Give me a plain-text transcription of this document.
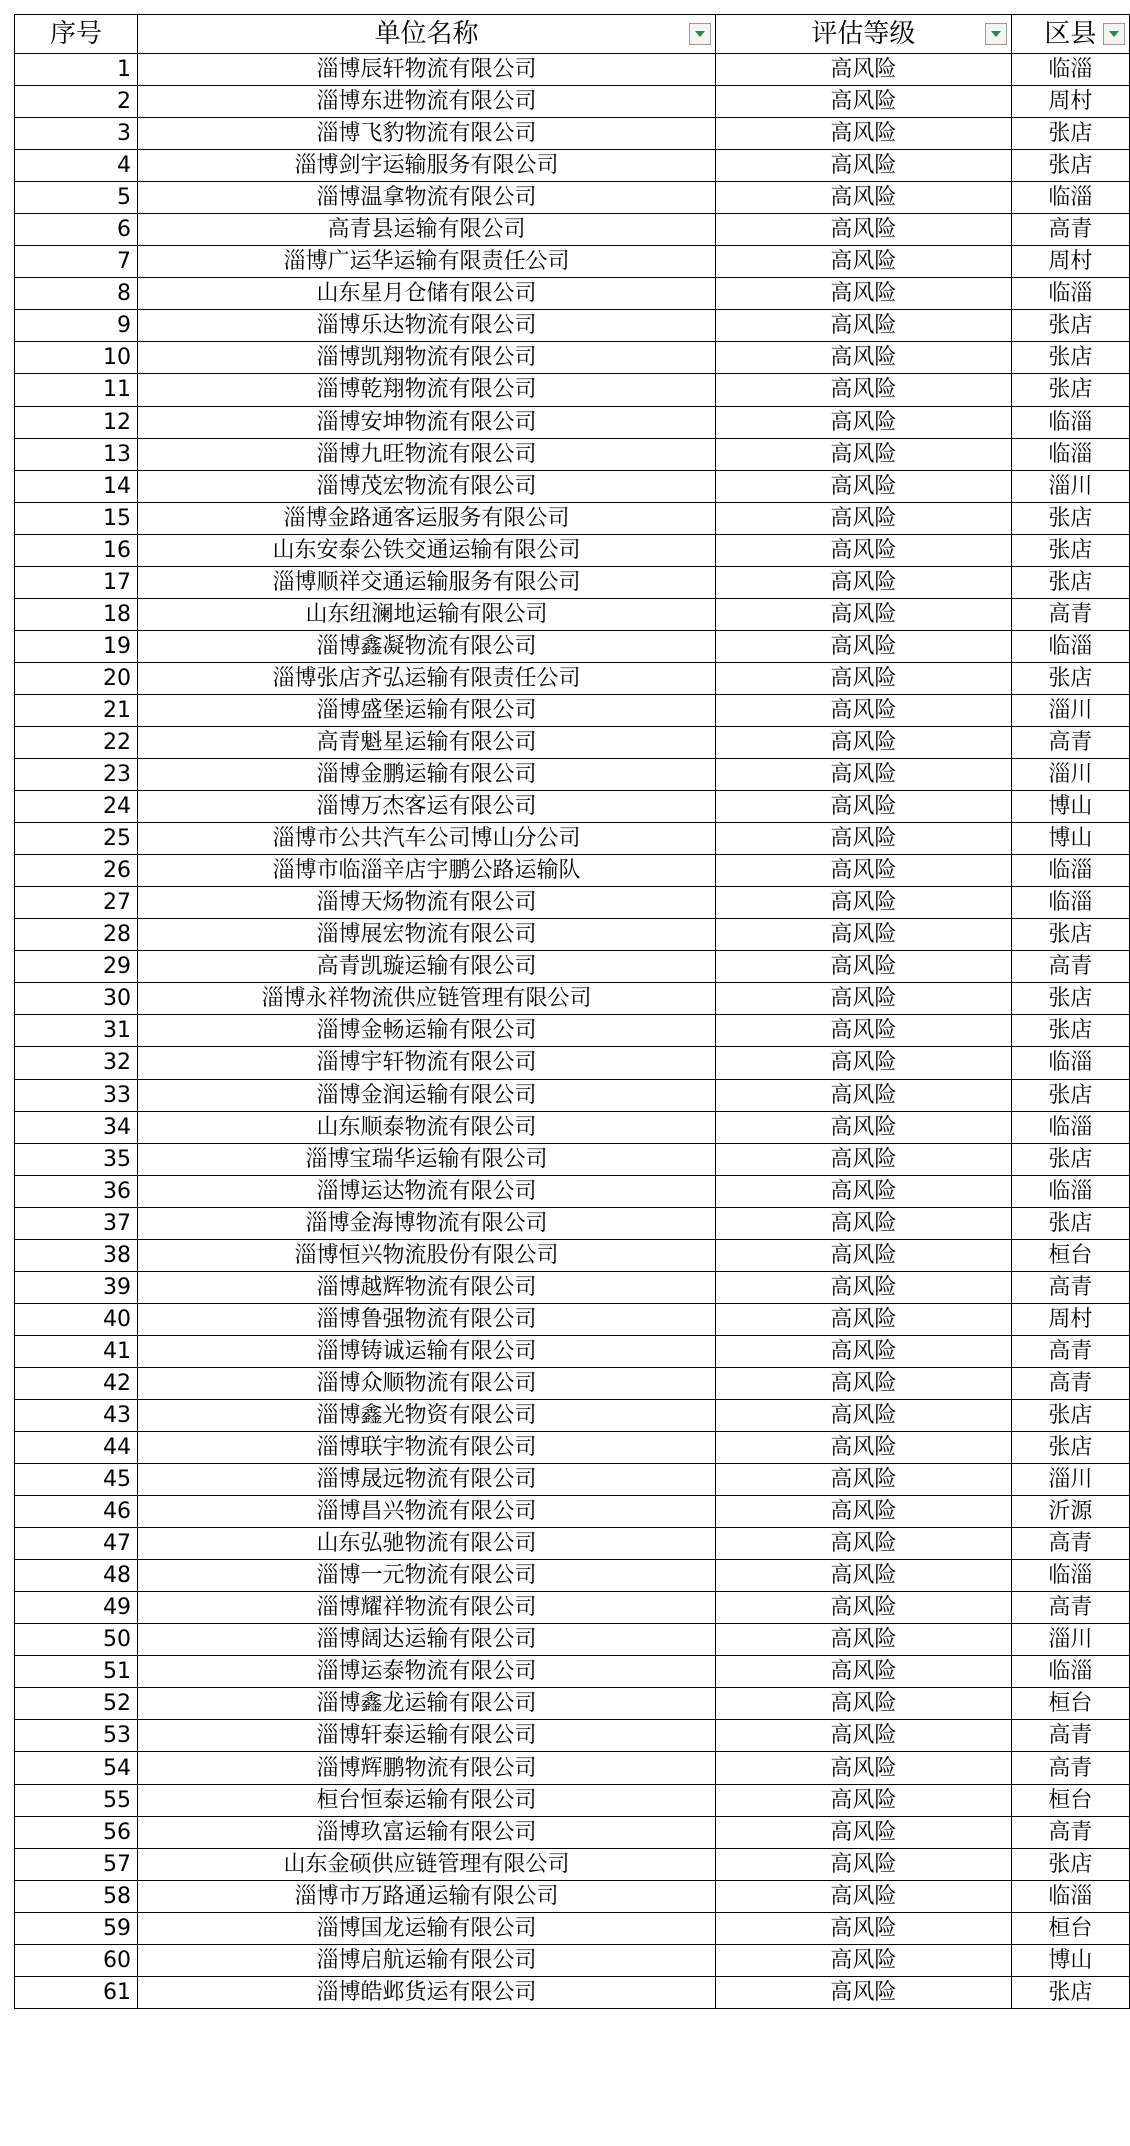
序号	单位名称	评估等级	区县

1	淄博辰轩物流有限公司	高风险	临淄
2	淄博东进物流有限公司	高风险	周村
3	淄博飞豹物流有限公司	高风险	张店
4	淄博剑宇运输服务有限公司	高风险	张店
5	淄博温拿物流有限公司	高风险	临淄
6	高青县运输有限公司	高风险	高青
7	淄博广运华运输有限责任公司	高风险	周村
8	山东星月仓储有限公司	高风险	临淄
9	淄博乐达物流有限公司	高风险	张店
10	淄博凯翔物流有限公司	高风险	张店
11	淄博乾翔物流有限公司	高风险	张店
12	淄博安坤物流有限公司	高风险	临淄
13	淄博九旺物流有限公司	高风险	临淄
14	淄博茂宏物流有限公司	高风险	淄川
15	淄博金路通客运服务有限公司	高风险	张店
16	山东安泰公铁交通运输有限公司	高风险	张店
17	淄博顺祥交通运输服务有限公司	高风险	张店
18	山东纽澜地运输有限公司	高风险	高青
19	淄博鑫凝物流有限公司	高风险	临淄
20	淄博张店齐弘运输有限责任公司	高风险	张店
21	淄博盛堡运输有限公司	高风险	淄川
22	高青魁星运输有限公司	高风险	高青
23	淄博金鹏运输有限公司	高风险	淄川
24	淄博万杰客运有限公司	高风险	博山
25	淄博市公共汽车公司博山分公司	高风险	博山
26	淄博市临淄辛店宇鹏公路运输队	高风险	临淄
27	淄博天炀物流有限公司	高风险	临淄
28	淄博展宏物流有限公司	高风险	张店
29	高青凯璇运输有限公司	高风险	高青
30	淄博永祥物流供应链管理有限公司	高风险	张店
31	淄博金畅运输有限公司	高风险	张店
32	淄博宇轩物流有限公司	高风险	临淄
33	淄博金润运输有限公司	高风险	张店
34	山东顺泰物流有限公司	高风险	临淄
35	淄博宝瑞华运输有限公司	高风险	张店
36	淄博运达物流有限公司	高风险	临淄
37	淄博金海博物流有限公司	高风险	张店
38	淄博恒兴物流股份有限公司	高风险	桓台
39	淄博越辉物流有限公司	高风险	高青
40	淄博鲁强物流有限公司	高风险	周村
41	淄博铸诚运输有限公司	高风险	高青
42	淄博众顺物流有限公司	高风险	高青
43	淄博鑫光物资有限公司	高风险	张店
44	淄博联宇物流有限公司	高风险	张店
45	淄博晟远物流有限公司	高风险	淄川
46	淄博昌兴物流有限公司	高风险	沂源
47	山东弘驰物流有限公司	高风险	高青
48	淄博一元物流有限公司	高风险	临淄
49	淄博耀祥物流有限公司	高风险	高青
50	淄博阔达运输有限公司	高风险	淄川
51	淄博运泰物流有限公司	高风险	临淄
52	淄博鑫龙运输有限公司	高风险	桓台
53	淄博轩泰运输有限公司	高风险	高青
54	淄博辉鹏物流有限公司	高风险	高青
55	桓台恒泰运输有限公司	高风险	桓台
56	淄博玖富运输有限公司	高风险	高青
57	山东金硕供应链管理有限公司	高风险	张店
58	淄博市万路通运输有限公司	高风险	临淄
59	淄博国龙运输有限公司	高风险	桓台
60	淄博启航运输有限公司	高风险	博山
61	淄博皓邺货运有限公司	高风险	张店
